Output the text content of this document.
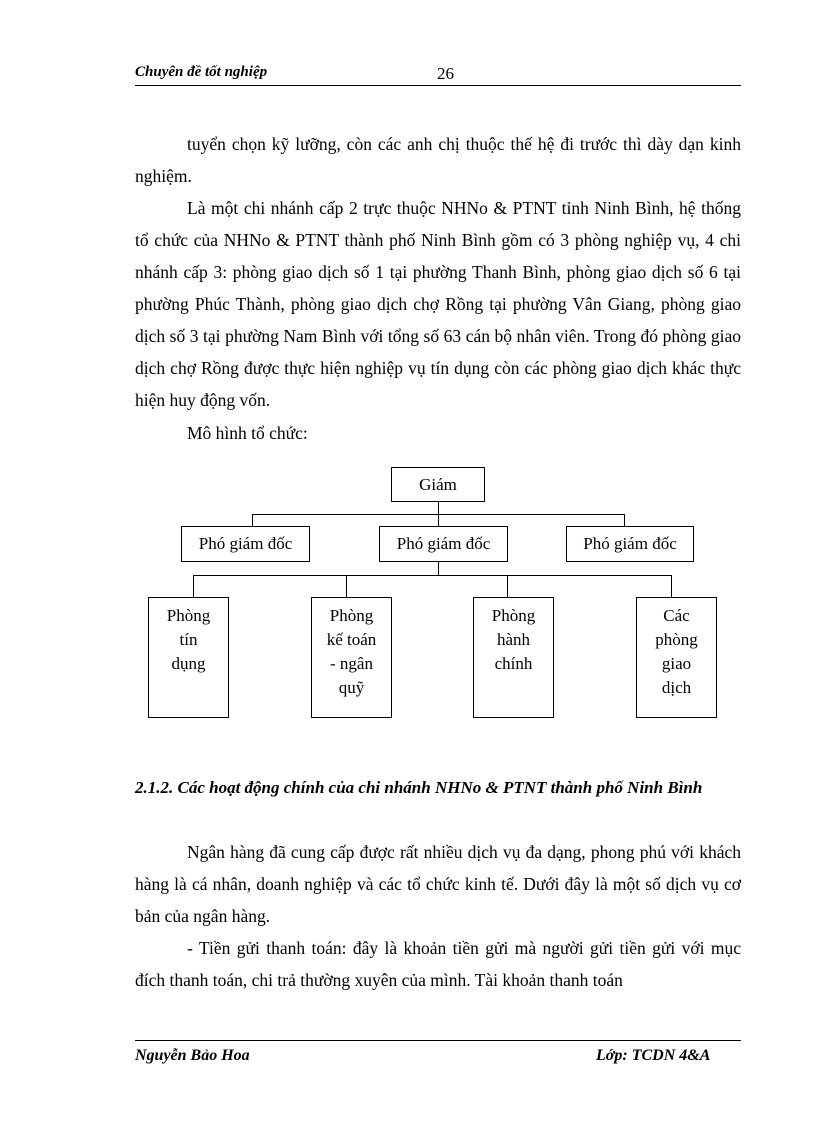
Chuyên đề tốt nghiệp	26

tuyển chọn kỹ lưỡng, còn các anh chị thuộc thế hệ đi trước thì dày dạn kinh nghiệm.

Là một chi nhánh cấp 2 trực thuộc NHNo & PTNT tỉnh Ninh Bình, hệ thống tổ chức của NHNo & PTNT thành phố Ninh Bình gồm có 3 phòng nghiệp vụ, 4 chi nhánh cấp 3: phòng giao dịch số 1 tại phường Thanh Bình, phòng giao dịch số 6 tại phường Phúc Thành, phòng giao dịch chợ Rồng tại phường Vân Giang, phòng giao dịch số 3 tại phường Nam Bình với tổng số 63 cán bộ nhân viên. Trong đó phòng giao dịch chợ Rồng được thực hiện nghiệp vụ tín dụng còn các phòng giao dịch khác thực hiện huy động vốn.

Mô hình tổ chức:
Giám
Phó giám đốc	Phó giám đốc	Phó giám đốc
Phòng
tín
dụng
Phòng
kế toán
- ngân
quỹ
Phòng
hành
chính
Các
phòng
giao
dịch
2.1.2. Các hoạt động chính của chi nhánh NHNo & PTNT thành phố Ninh Bình

Ngân hàng đã cung cấp được rất nhiều dịch vụ đa dạng, phong phú với khách hàng là cá nhân, doanh nghiệp và các tổ chức kinh tế. Dưới đây là một số dịch vụ cơ bản của ngân hàng.

- Tiền gửi thanh toán: đây là khoản tiền gửi mà người gửi tiền gửi với mục đích thanh toán, chi trả thường xuyên của mình. Tài khoản thanh toán

Nguyễn Bảo Hoa	Lớp: TCDN 4&A
